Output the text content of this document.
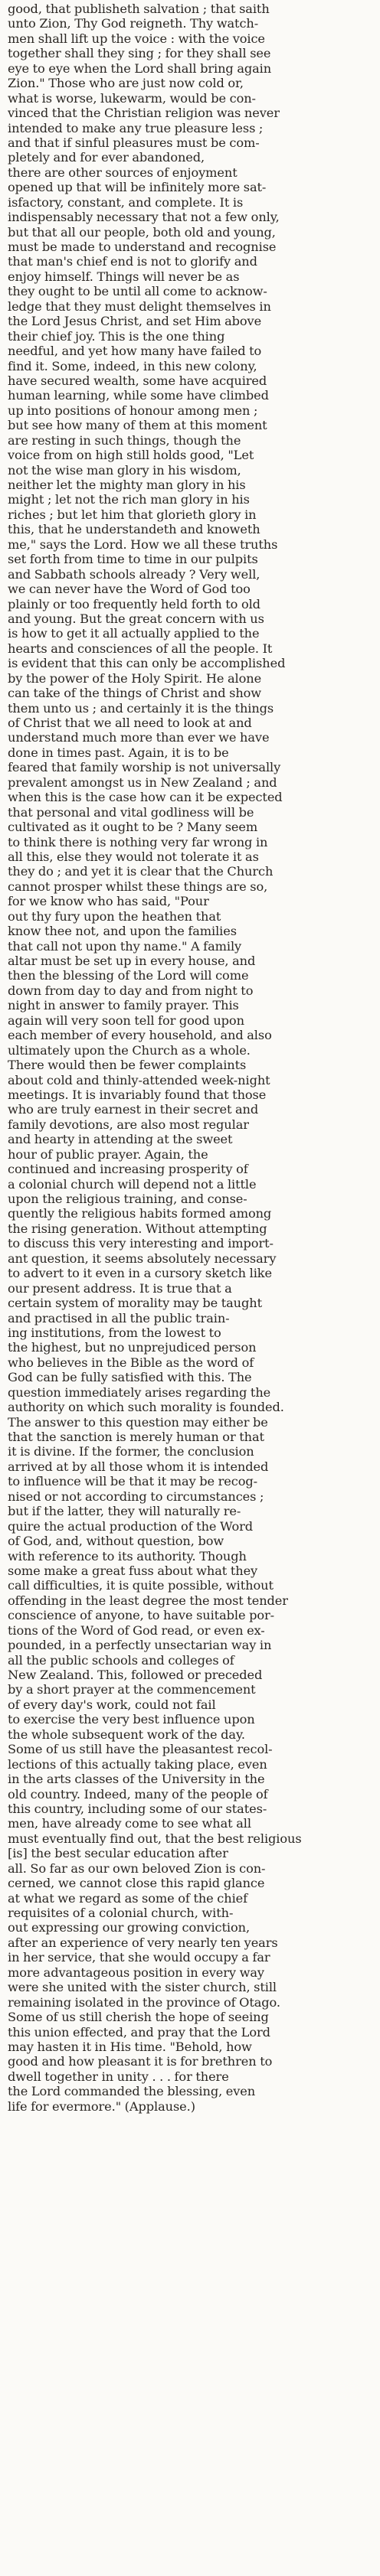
good, that publisheth salvation ; that saith
unto Zion, Thy God reigneth. Thy watch-
men shall lift up the voice : with the voice
together shall they sing ; for they shall see
eye to eye when the Lord shall bring again
Zion." Those who are just now cold or,
what is worse, lukewarm, would be con-
vinced that the Christian religion was never
intended to make any true pleasure less ;
and that if sinful pleasures must be com-
pletely and for ever abandoned,
there are other sources of enjoyment
opened up that will be infinitely more sat-
isfactory, constant, and complete. It is
indispensably necessary that not a few only,
but that all our people, both old and young,
must be made to understand and recognise
that man's chief end is not to glorify and
enjoy himself. Things will never be as
they ought to be until all come to acknow-
ledge that they must delight themselves in
the Lord Jesus Christ, and set Him above
their chief joy. This is the one thing
needful, and yet how many have failed to
find it. Some, indeed, in this new colony,
have secured wealth, some have acquired
human learning, while some have climbed
up into positions of honour among men ;
but see how many of them at this moment
are resting in such things, though the
voice from on high still holds good, "Let
not the wise man glory in his wisdom,
neither let the mighty man glory in his
might ; let not the rich man glory in his
riches ; but let him that glorieth glory in
this, that he understandeth and knoweth
me," says the Lord. How we all these truths
set forth from time to time in our pulpits
and Sabbath schools already ? Very well,
we can never have the Word of God too
plainly or too frequently held forth to old
and young. But the great concern with us
is how to get it all actually applied to the
hearts and consciences of all the people. It
is evident that this can only be accomplished
by the power of the Holy Spirit. He alone
can take of the things of Christ and show
them unto us ; and certainly it is the things
of Christ that we all need to look at and
understand much more than ever we have
done in times past. Again, it is to be
feared that family worship is not universally
prevalent amongst us in New Zealand ; and
when this is the case how can it be expected
that personal and vital godliness will be
cultivated as it ought to be ? Many seem
to think there is nothing very far wrong in
all this, else they would not tolerate it as
they do ; and yet it is clear that the Church
cannot prosper whilst these things are so,
for we know who has said, "Pour
out thy fury upon the heathen that
know thee not, and upon the families
that call not upon thy name." A family
altar must be set up in every house, and
then the blessing of the Lord will come
down from day to day and from night to
night in answer to family prayer. This
again will very soon tell for good upon
each member of every household, and also
ultimately upon the Church as a whole.
There would then be fewer complaints
about cold and thinly-attended week-night
meetings. It is invariably found that those
who are truly earnest in their secret and
family devotions, are also most regular
and hearty in attending at the sweet
hour of public prayer. Again, the
continued and increasing prosperity of
a colonial church will depend not a little
upon the religious training, and conse-
quently the religious habits formed among
the rising generation. Without attempting
to discuss this very interesting and import-
ant question, it seems absolutely necessary
to advert to it even in a cursory sketch like
our present address. It is true that a
certain system of morality may be taught
and practised in all the public train-
ing institutions, from the lowest to
the highest, but no unprejudiced person
who believes in the Bible as the word of
God can be fully satisfied with this. The
question immediately arises regarding the
authority on which such morality is founded.
The answer to this question may either be
that the sanction is merely human or that
it is divine. If the former, the conclusion
arrived at by all those whom it is intended
to influence will be that it may be recog-
nised or not according to circumstances ;
but if the latter, they will naturally re-
quire the actual production of the Word
of God, and, without question, bow
with reference to its authority. Though
some make a great fuss about what they
call difficulties, it is quite possible, without
offending in the least degree the most tender
conscience of anyone, to have suitable por-
tions of the Word of God read, or even ex-
pounded, in a perfectly unsectarian way in
all the public schools and colleges of
New Zealand. This, followed or preceded
by a short prayer at the commencement
of every day's work, could not fail
to exercise the very best influence upon
the whole subsequent work of the day.
Some of us still have the pleasantest recol-
lections of this actually taking place, even
in the arts classes of the University in the
old country. Indeed, many of the people of
this country, including some of our states-
men, have already come to see what all
must eventually find out, that the best religious
[is] the best secular education after
all. So far as our own beloved Zion is con-
cerned, we cannot close this rapid glance
at what we regard as some of the chief
requisites of a colonial church, with-
out expressing our growing conviction,
after an experience of very nearly ten years
in her service, that she would occupy a far
more advantageous position in every way
were she united with the sister church, still
remaining isolated in the province of Otago.
Some of us still cherish the hope of seeing
this union effected, and pray that the Lord
may hasten it in His time. "Behold, how
good and how pleasant it is for brethren to
dwell together in unity . . . for there
the Lord commanded the blessing, even
life for evermore." (Applause.)
